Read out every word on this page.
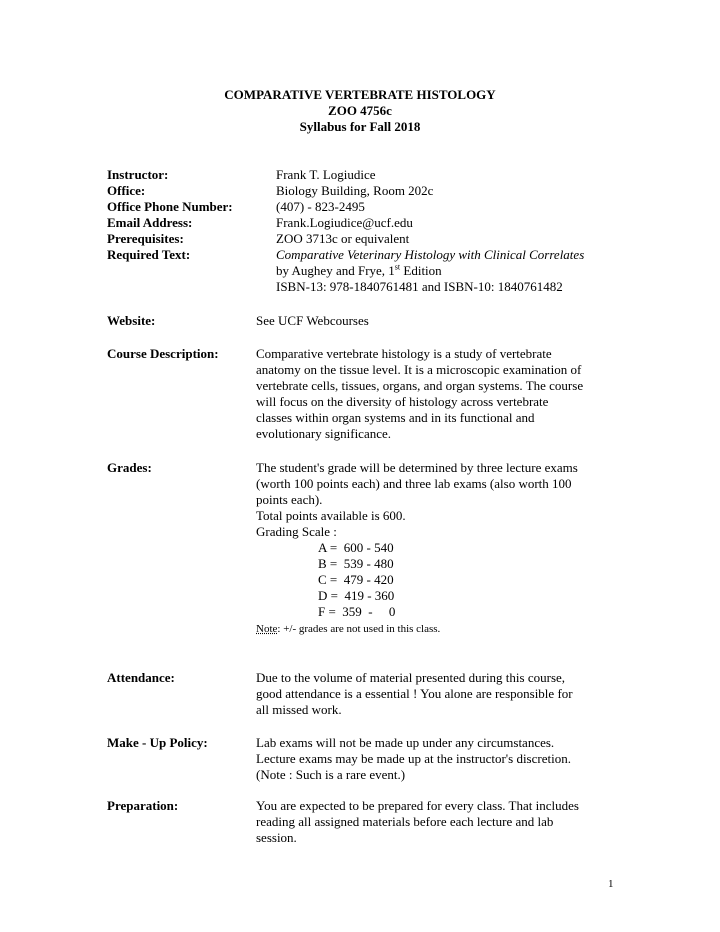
COMPARATIVE VERTEBRATE HISTOLOGY
ZOO 4756c
Syllabus for Fall 2018
Instructor:	Frank T. Logiudice
Office:	Biology Building, Room 202c
Office Phone Number:	(407) - 823-2495
Email Address:	Frank.Logiudice@ucf.edu
Prerequisites:	ZOO 3713c or equivalent
Required Text:	Comparative Veterinary Histology with Clinical Correlates
by Aughey and Frye, 1st Edition
ISBN-13: 978-1840761481 and ISBN-10: 1840761482
Website:	See UCF Webcourses
Course Description:	Comparative vertebrate histology is a study of vertebrate
anatomy on the tissue level. It is a microscopic examination of
vertebrate cells, tissues, organs, and organ systems. The course
will focus on the diversity of histology across vertebrate
classes within organ systems and in its functional and
evolutionary significance.
Grades:	The student's grade will be determined by three lecture exams
(worth 100 points each) and three lab exams (also worth 100
points each).
Total points available is 600.
Grading Scale :
A =  600 - 540
B =  539 - 480
C =  479 - 420
D =  419 - 360
F =  359  -     0
Note: +/- grades are not used in this class.
Attendance:	Due to the volume of material presented during this course,
good attendance is a essential ! You alone are responsible for
all missed work.
Make - Up Policy:	Lab exams will not be made up under any circumstances.
Lecture exams may be made up at the instructor's discretion.
(Note : Such is a rare event.)
Preparation:	You are expected to be prepared for every class. That includes
reading all assigned materials before each lecture and lab
session.
1
